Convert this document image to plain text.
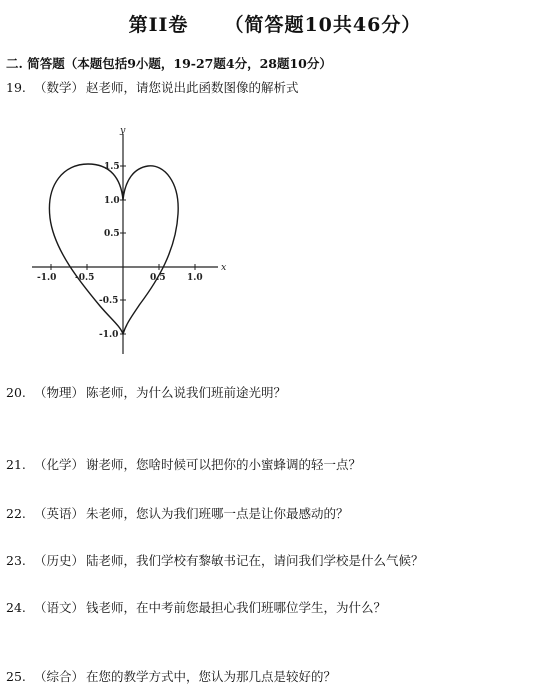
第II卷 （简答题10共46分）
二. 简答题（本题包括9小题，19-27题4分，28题10分）
19. （数学） 赵老师，请您说出此函数图像的解析式
y
x
-1.0 -0.5	0.5 1.0
1.5
1.0
0.5
-0.5
-1.0
20. （物理） 陈老师，为什么说我们班前途光明？
21. （化学） 谢老师，您啥时候可以把你的小蜜蜂调的轻一点？
22. （英语） 朱老师，您认为我们班哪一点是让你最感动的？
23. （历史） 陆老师，我们学校有黎敏书记在，请问我们学校是什么气候？
24. （语文） 钱老师，在中考前您最担心我们班哪位学生，为什么？
25. （综合） 在您的教学方式中，您认为那几点是较好的？
